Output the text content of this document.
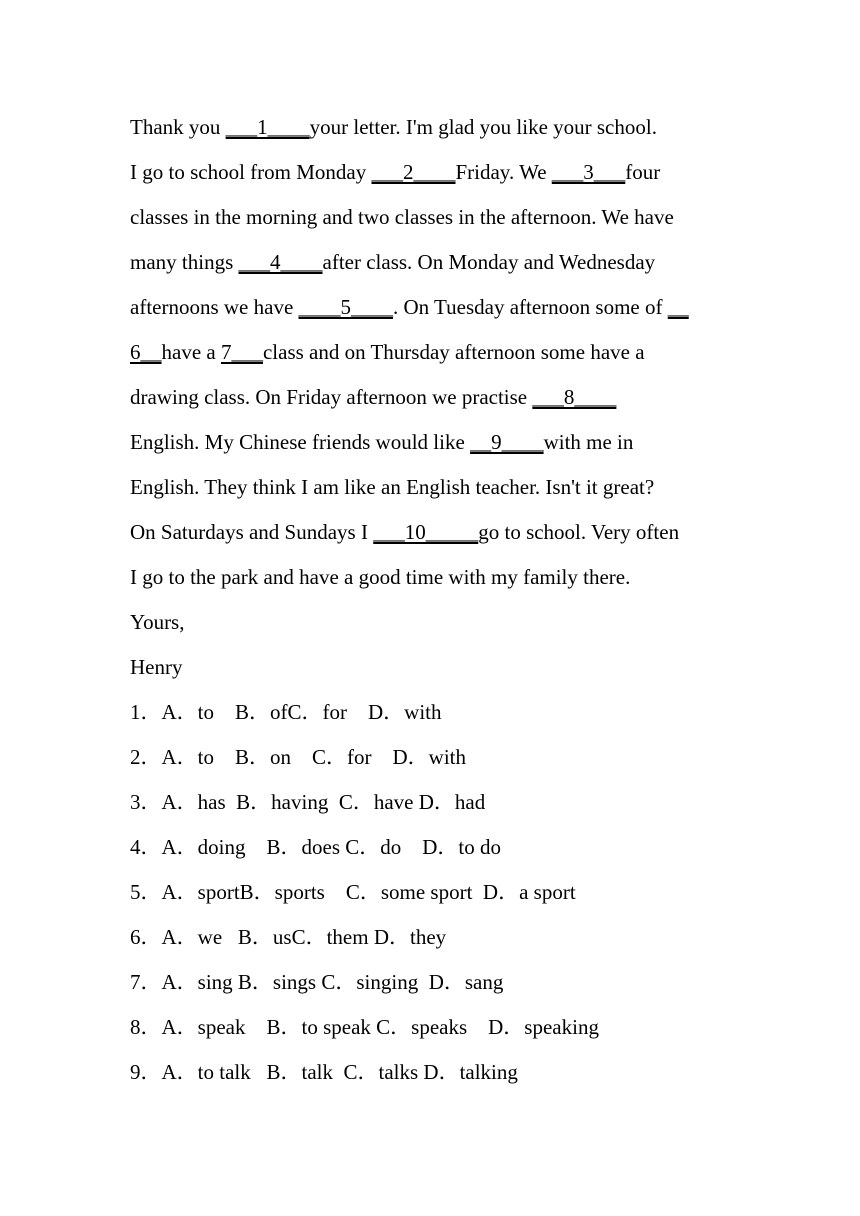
Thank you ___1____your letter. I'm glad you like your school.
I go to school from Monday ___2____Friday. We ___3___four
classes in the morning and two classes in the afternoon. We have
many things ___4____after class. On Monday and Wednesday
afternoons we have ____5____. On Tuesday afternoon some of __
6__have a 7___class and on Thursday afternoon some have a
drawing class. On Friday afternoon we practise ___8____
English. My Chinese friends would like __9____with me in
English. They think I am like an English teacher. Isn't it great?
On Saturdays and Sundays I ___10_____go to school. Very often
I go to the park and have a good time with my family there.
Yours,
Henry
1．A．to    B．ofC．for    D．with
2．A．to    B．on    C．for    D．with
3．A．has  B．having  C．have D．had
4．A．doing    B．does C．do    D．to do
5．A．sportB．sports    C．some sport  D．a sport
6．A．we   B．usC．them D．they
7．A．sing B．sings C．singing  D．sang
8．A．speak    B．to speak C．speaks    D．speaking
9．A．to talk   B．talk  C．talks D．talking
